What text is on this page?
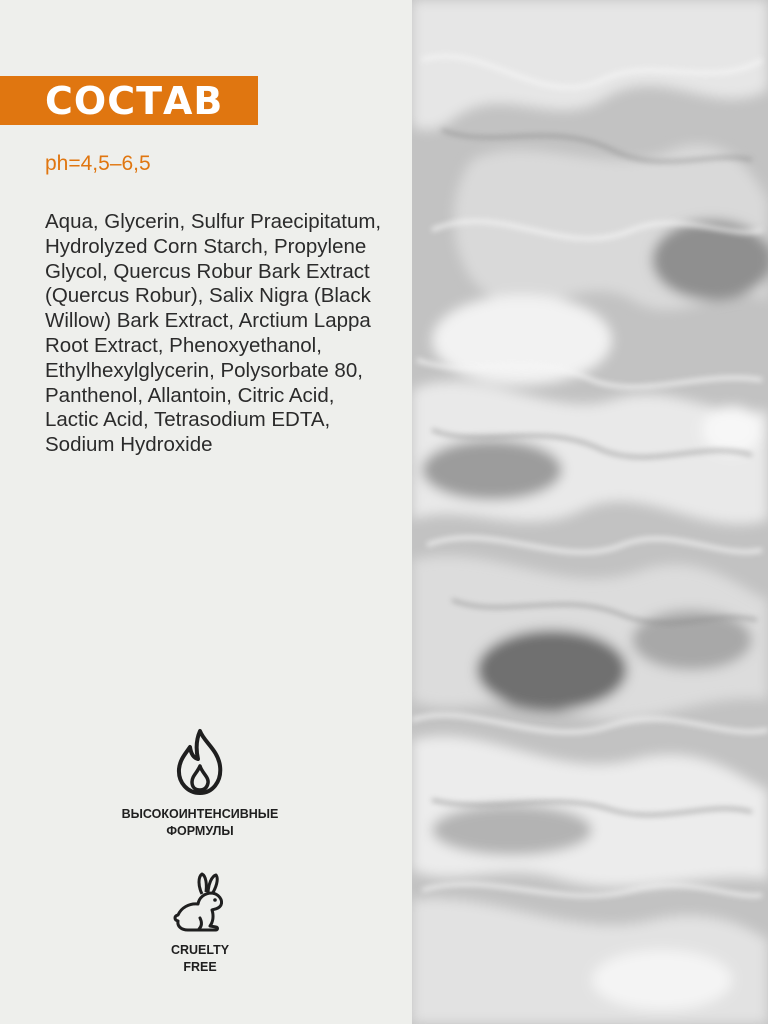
СОСТАВ
ph=4,5–6,5
Aqua, Glycerin, Sulfur Praecipitatum, Hydrolyzed Corn Starch, Propylene Glycol, Quercus Robur Bark Extract (Quercus Robur), Salix Nigra (Black Willow) Bark Extract, Arctium Lappa Root Extract, Phenoxyethanol, Ethylhexylglycerin, Polysorbate 80, Panthenol, Allantoin, Citric Acid, Lactic Acid, Tetrasodium EDTA, Sodium Hydroxide
ВЫСОКОИНТЕНСИВНЫЕ
ФОРМУЛЫ
CRUELTY
FREE
